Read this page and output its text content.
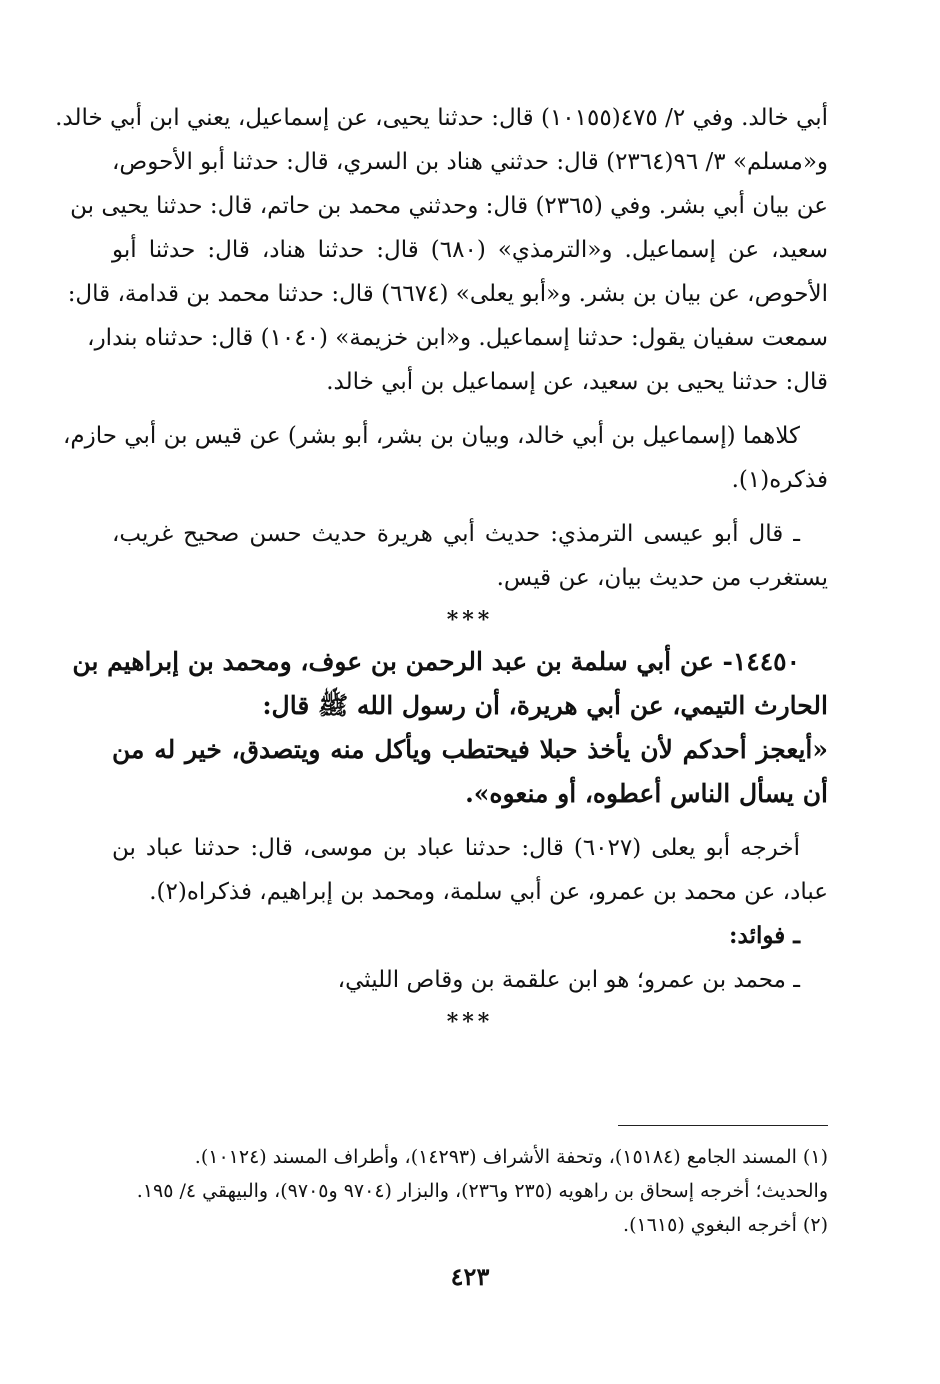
أبي خالد. وفي ٢/ ٤٧٥(١٠١٥٥) قال: حدثنا يحيى، عن إسماعيل، يعني ابن أبي خالد.
و«مسلم» ٣/ ٩٦(٢٣٦٤) قال: حدثني هناد بن السري، قال: حدثنا أبو الأحوص،
عن بيان أبي بشر. وفي (٢٣٦٥) قال: وحدثني محمد بن حاتم، قال: حدثنا يحيى بن
سعيد، عن إسماعيل. و«الترمذي» (٦٨٠) قال: حدثنا هناد، قال: حدثنا أبو
الأحوص، عن بيان بن بشر. و«أبو يعلى» (٦٦٧٤) قال: حدثنا محمد بن قدامة، قال:
سمعت سفيان يقول: حدثنا إسماعيل. و«ابن خزيمة» (١٠٤٠) قال: حدثناه بندار،
قال: حدثنا يحيى بن سعيد، عن إسماعيل بن أبي خالد.
كلاهما (إسماعيل بن أبي خالد، وبيان بن بشر، أبو بشر) عن قيس بن أبي حازم،
فذكره(١).
ـ قال أبو عيسى الترمذي: حديث أبي هريرة حديث حسن صحيح غريب،
يستغرب من حديث بيان، عن قيس.
***
١٤٤٥٠- عن أبي سلمة بن عبد الرحمن بن عوف، ومحمد بن إبراهيم بن
الحارث التيمي، عن أبي هريرة، أن رسول الله ﷺ قال:
«أيعجز أحدكم لأن يأخذ حبلا فيحتطب ويأكل منه ويتصدق، خير له من
أن يسأل الناس أعطوه، أو منعوه».
أخرجه أبو يعلى (٦٠٢٧) قال: حدثنا عباد بن موسى، قال: حدثنا عباد بن
عباد، عن محمد بن عمرو، عن أبي سلمة، ومحمد بن إبراهيم، فذكراه(٢).
ـ فوائد:
ـ محمد بن عمرو؛ هو ابن علقمة بن وقاص الليثي،
***
(١) المسند الجامع (١٥١٨٤)، وتحفة الأشراف (١٤٢٩٣)، وأطراف المسند (١٠١٢٤).
والحديث؛ أخرجه إسحاق بن راهويه (٢٣٥ و٢٣٦)، والبزار (٩٧٠٤ و٩٧٠٥)، والبيهقي ٤/ ١٩٥.
(٢) أخرجه البغوي (١٦١٥).
٤٢٣
